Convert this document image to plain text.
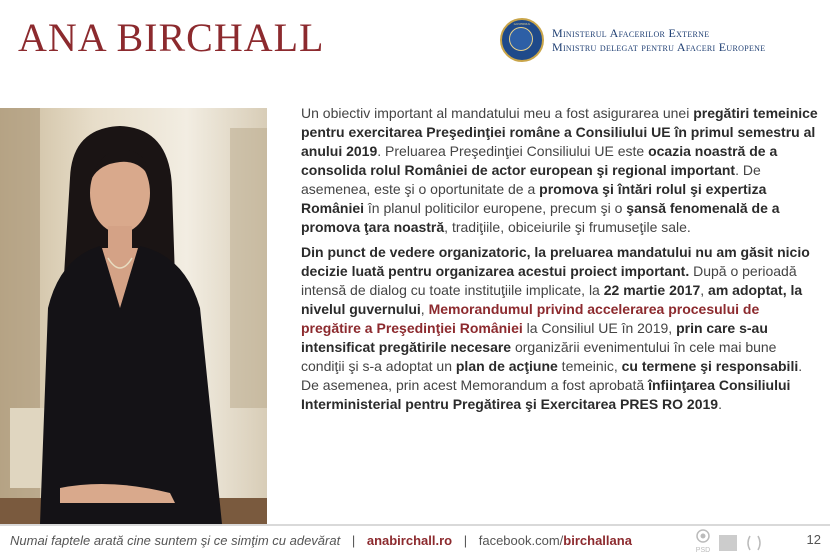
ANA BIRCHALL	GUVERNUL
Ministerul Afacerilor Externe
Ministru delegat pentru Afaceri Europene

Un obiectiv important al mandatului meu a fost asigurarea unei pregătiri temeinice pentru exercitarea Preşedinţiei române a Consiliului UE în primul semestru al anului 2019. Preluarea Preşedinţiei Consiliului UE este ocazia noastră de a consolida rolul României de actor european şi regional important. De asemenea, este şi o oportunitate de a promova şi întări rolul şi expertiza României în planul politicilor europene, precum şi o şansă fenomenală de a promova ţara noastră, tradiţiile, obiceiurile şi frumuseţile sale.

Din punct de vedere organizatoric, la preluarea mandatului nu am găsit nicio decizie luată pentru organizarea acestui proiect important. După o perioadă intensă de dialog cu toate instituţiile implicate, la 22 martie 2017, am adoptat, la nivelul guvernului, Memorandumul privind accelerarea procesului de pregătire a Preşedinţiei României la Consiliul UE în 2019, prin care s-au intensificat pregătirile necesare organizării evenimentului în cele mai bune condiţii şi s-a adoptat un plan de acţiune temeinic, cu termene şi responsabili. De asemenea, prin acest Memorandum a fost aprobată înfiinţarea Consiliului Interministerial pentru Pregătirea şi Exercitarea PRES RO 2019.

Numai faptele arată cine suntem şi ce simţim cu adevărat | anabirchall.ro | facebook.com/birchallana
PSD
PES	12
